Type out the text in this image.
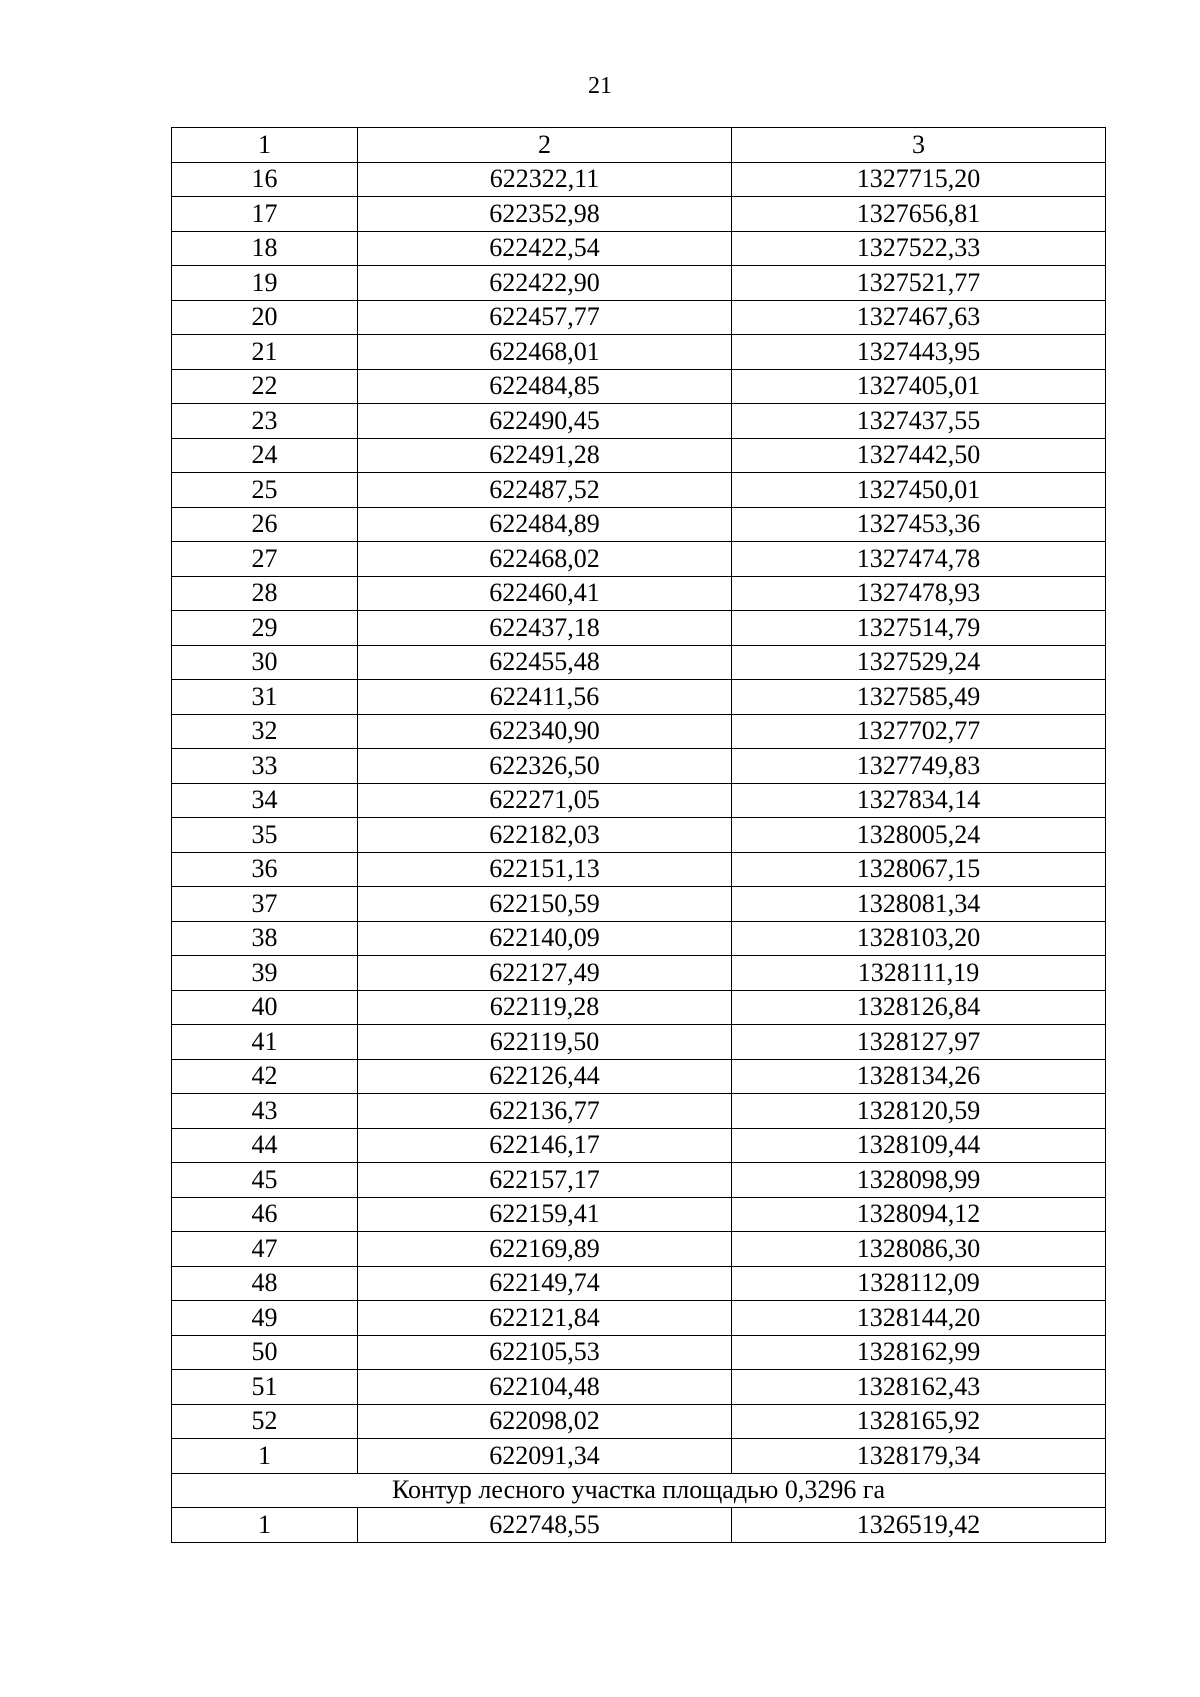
21
1	2	3
16	622322,11	1327715,20
17	622352,98	1327656,81
18	622422,54	1327522,33
19	622422,90	1327521,77
20	622457,77	1327467,63
21	622468,01	1327443,95
22	622484,85	1327405,01
23	622490,45	1327437,55
24	622491,28	1327442,50
25	622487,52	1327450,01
26	622484,89	1327453,36
27	622468,02	1327474,78
28	622460,41	1327478,93
29	622437,18	1327514,79
30	622455,48	1327529,24
31	622411,56	1327585,49
32	622340,90	1327702,77
33	622326,50	1327749,83
34	622271,05	1327834,14
35	622182,03	1328005,24
36	622151,13	1328067,15
37	622150,59	1328081,34
38	622140,09	1328103,20
39	622127,49	1328111,19
40	622119,28	1328126,84
41	622119,50	1328127,97
42	622126,44	1328134,26
43	622136,77	1328120,59
44	622146,17	1328109,44
45	622157,17	1328098,99
46	622159,41	1328094,12
47	622169,89	1328086,30
48	622149,74	1328112,09
49	622121,84	1328144,20
50	622105,53	1328162,99
51	622104,48	1328162,43
52	622098,02	1328165,92
1	622091,34	1328179,34
Контур лесного участка площадью 0,3296 га		
1	622748,55	1326519,42
